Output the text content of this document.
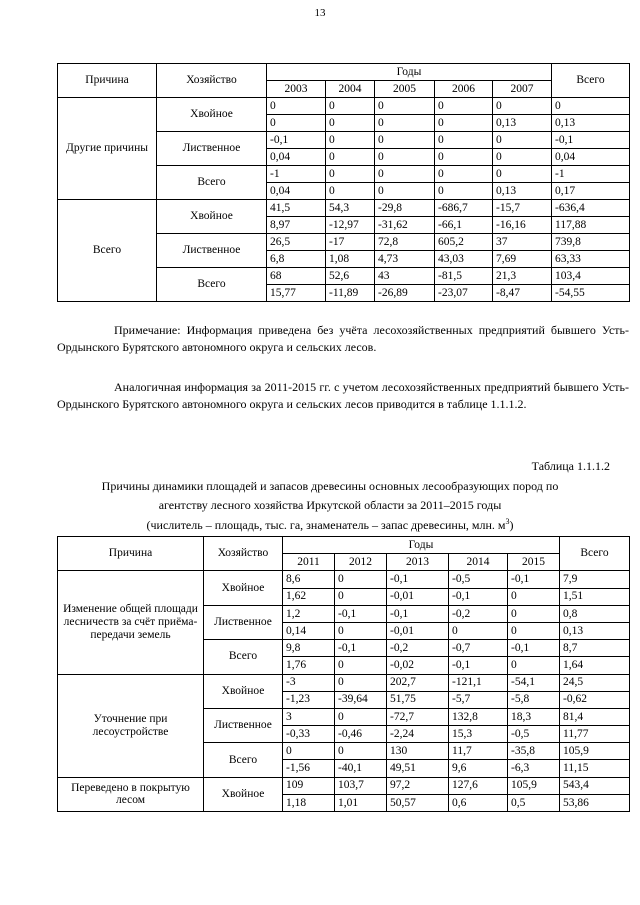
13
Причина	Хозяйство	Годы					Всего
		2003	2004	2005	2006	2007	
Другие причины	Хвойное	0	0	0	0	0	0
		0	0	0	0	0,13	0,13
	Лиственное	-0,1	0	0	0	0	-0,1
		0,04	0	0	0	0	0,04
	Всего	-1	0	0	0	0	-1
		0,04	0	0	0	0,13	0,17
Всего	Хвойное	41,5	54,3	-29,8	-686,7	-15,7	-636,4
		8,97	-12,97	-31,62	-66,1	-16,16	117,88
	Лиственное	26,5	-17	72,8	605,2	37	739,8
		6,8	1,08	4,73	43,03	7,69	63,33
	Всего	68	52,6	43	-81,5	21,3	103,4
		15,77	-11,89	-26,89	-23,07	-8,47	-54,55
Примечание: Информация приведена без учёта лесохозяйственных предприятий бывшего Усть-Ордынского Бурятского автономного округа и сельских лесов.
Аналогичная информация за 2011-2015 гг. с учетом лесохозяйственных предприятий бывшего Усть-Ордынского Бурятского автономного округа и сельских лесов приводится в таблице 1.1.1.2.
Таблица 1.1.1.2
Причины динамики площадей и запасов древесины основных лесообразующих пород по
агентству лесного хозяйства Иркутской области за 2011–2015 годы
(числитель – площадь, тыс. га, знаменатель – запас древесины, млн. $м^3$)
Причина	Хозяйство	Годы					Всего
		2011	2012	2013	2014	2015	
Изменение общей площади лесничеств за счёт приёма-передачи земель	Хвойное	8,6	0	-0,1	-0,5	-0,1	7,9
		1,62	0	-0,01	-0,1	0	1,51
	Лиственное	1,2	-0,1	-0,1	-0,2	0	0,8
		0,14	0	-0,01	0	0	0,13
	Всего	9,8	-0,1	-0,2	-0,7	-0,1	8,7
		1,76	0	-0,02	-0,1	0	1,64
Уточнение при лесоустройстве	Хвойное	-3	0	202,7	-121,1	-54,1	24,5
		-1,23	-39,64	51,75	-5,7	-5,8	-0,62
	Лиственное	3	0	-72,7	132,8	18,3	81,4
		-0,33	-0,46	-2,24	15,3	-0,5	11,77
	Всего	0	0	130	11,7	-35,8	105,9
		-1,56	-40,1	49,51	9,6	-6,3	11,15
Переведено в покрытую лесом	Хвойное	109	103,7	97,2	127,6	105,9	543,4
		1,18	1,01	50,57	0,6	0,5	53,86
